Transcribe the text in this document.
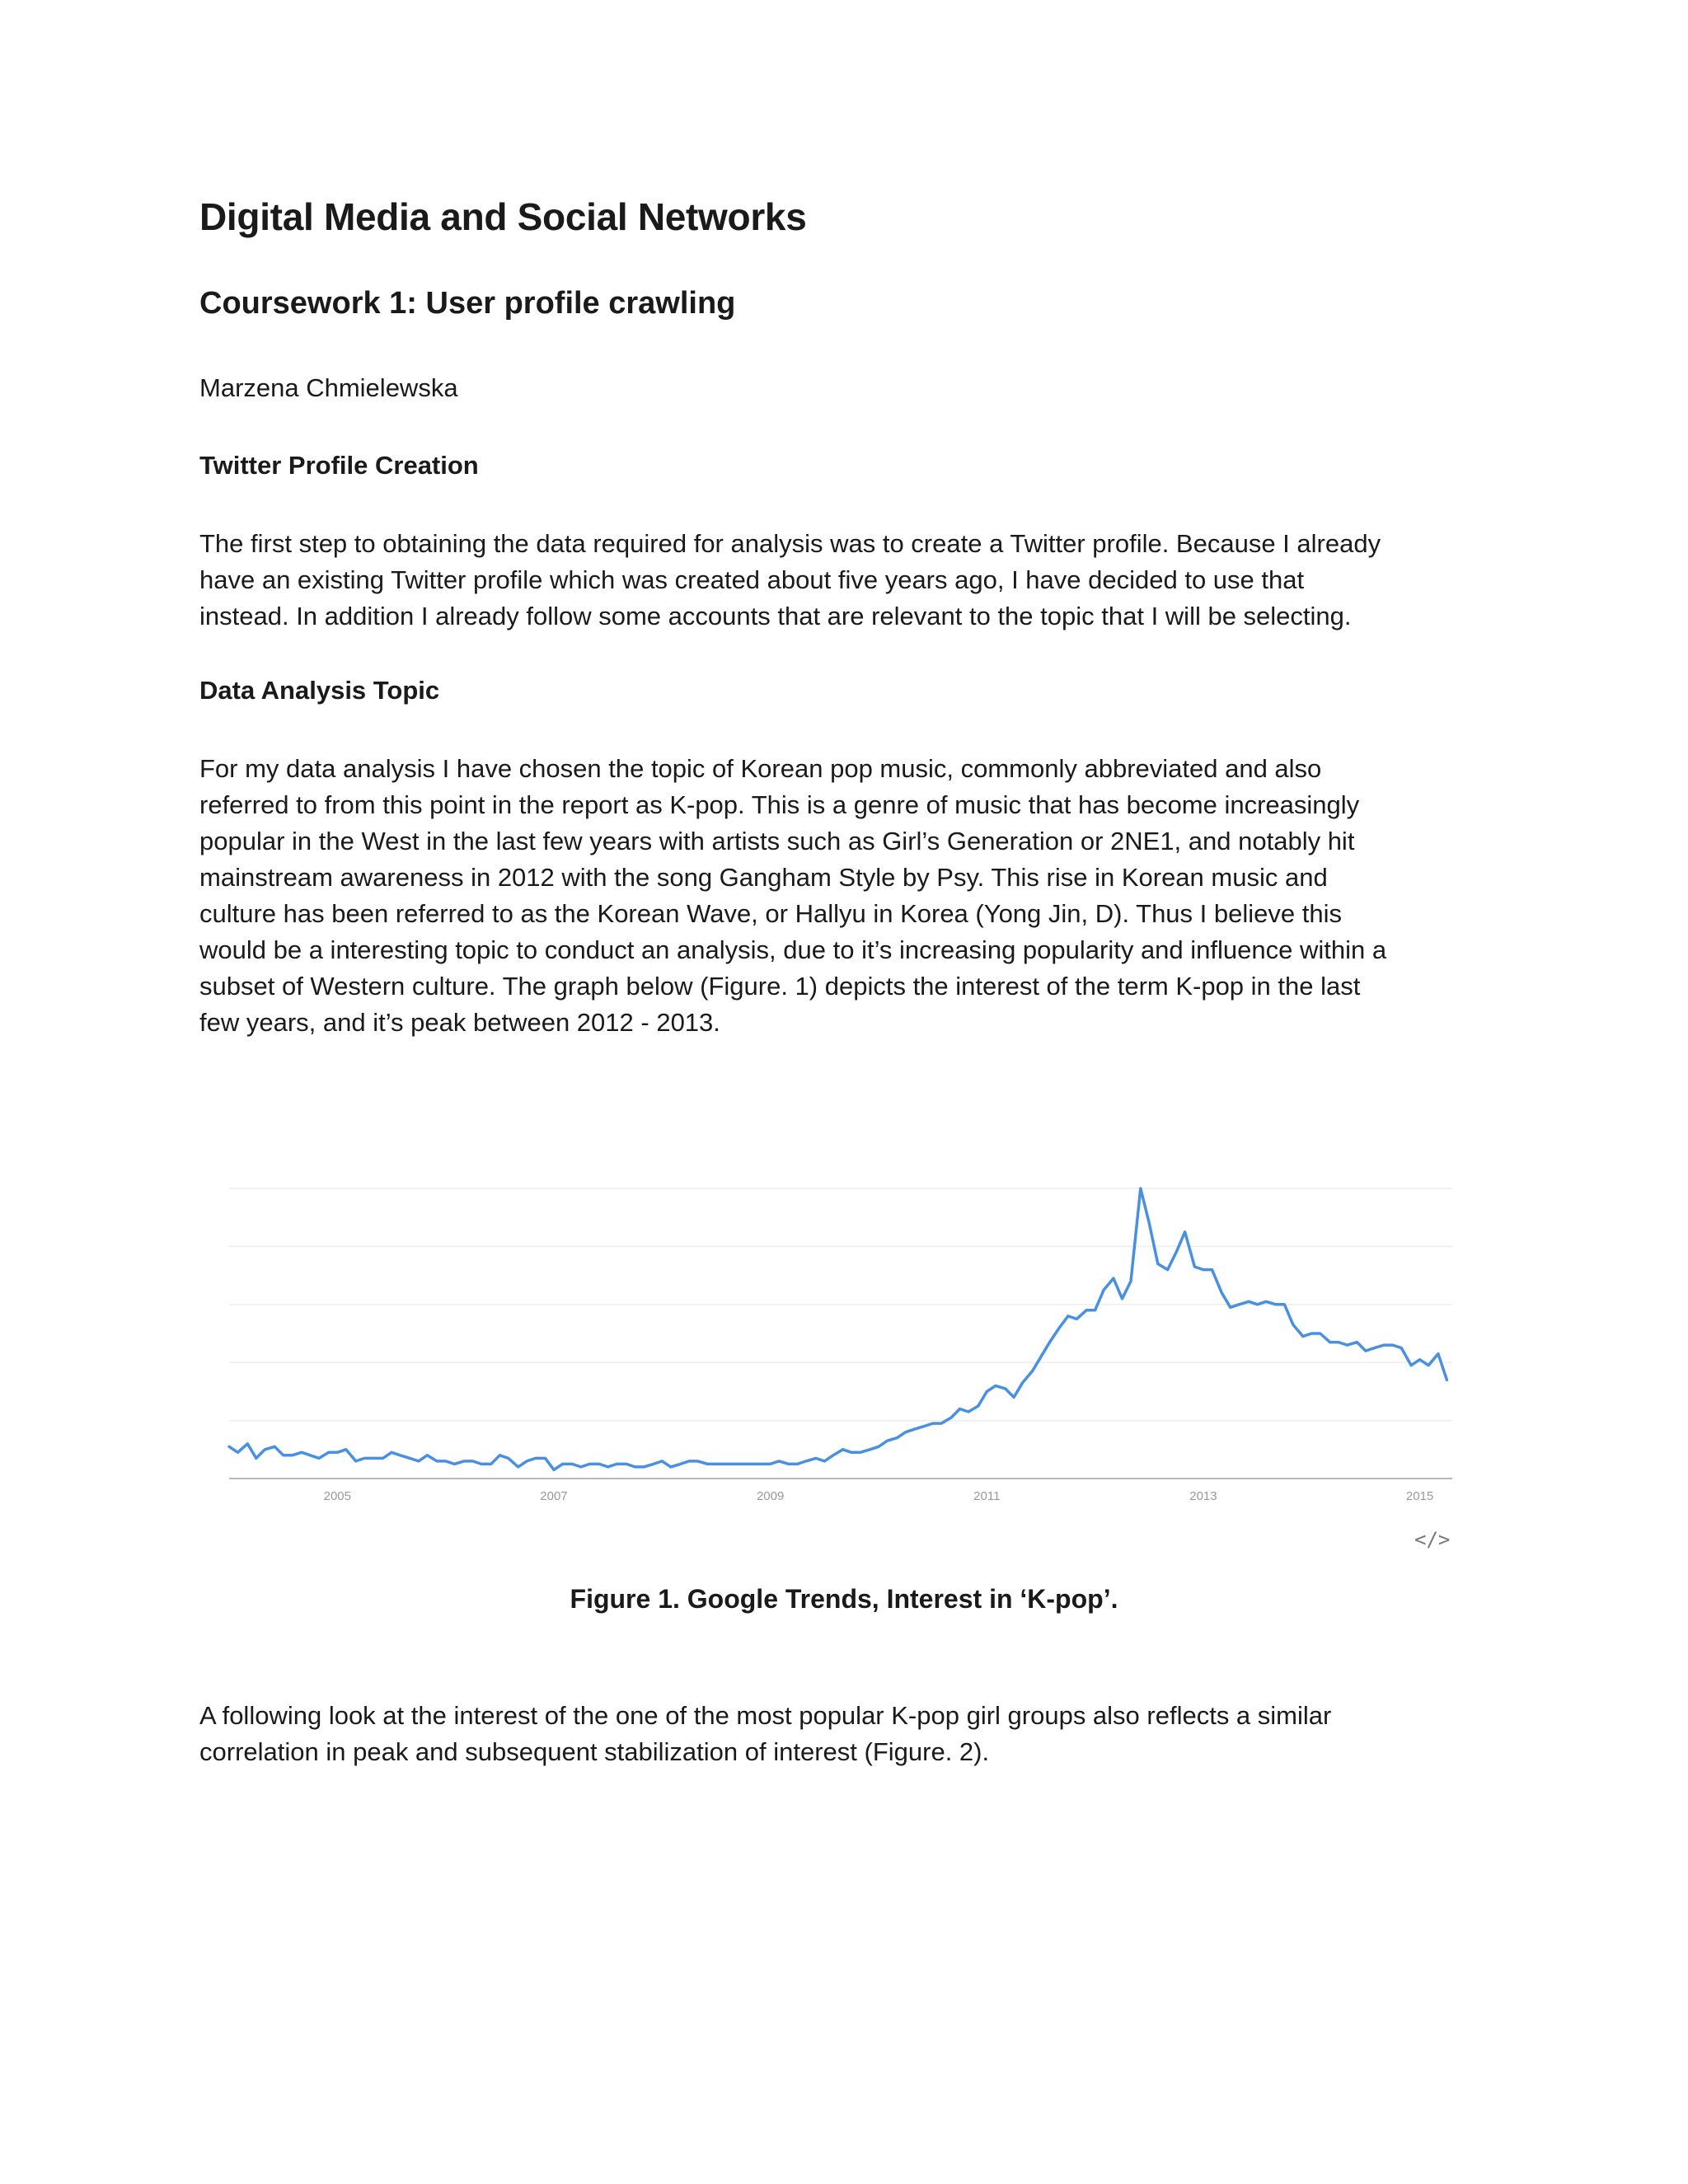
Digital Media and Social Networks
Coursework 1: User profile crawling
Marzena Chmielewska
Twitter Profile Creation
The first step to obtaining the data required for analysis was to create a Twitter profile. Because I already
have an existing Twitter profile which was created about five years ago, I have decided to use that
instead. In addition I already follow some accounts that are relevant to the topic that I will be selecting.
Data Analysis Topic
For my data analysis I have chosen the topic of Korean pop music, commonly abbreviated and also
referred to from this point in the report as K-pop. This is a genre of music that has become increasingly
popular in the West in the last few years with artists such as Girl’s Generation or 2NE1, and notably hit
mainstream awareness in 2012 with the song Gangham Style by Psy. This rise in Korean music and
culture has been referred to as the Korean Wave, or Hallyu in Korea (Yong Jin, D). Thus I believe this
would be a interesting topic to conduct an analysis, due to it’s increasing popularity and influence within a
subset of Western culture. The graph below (Figure. 1) depicts the interest of the term K-pop in the last
few years, and it’s peak between 2012 - 2013.
2005	2007	2009	2011	2013	2015
</>
Figure 1. Google Trends, Interest in ‘K-pop’.
A following look at the interest of the one of the most popular K-pop girl groups also reflects a similar
correlation in peak and subsequent stabilization of interest (Figure. 2).
